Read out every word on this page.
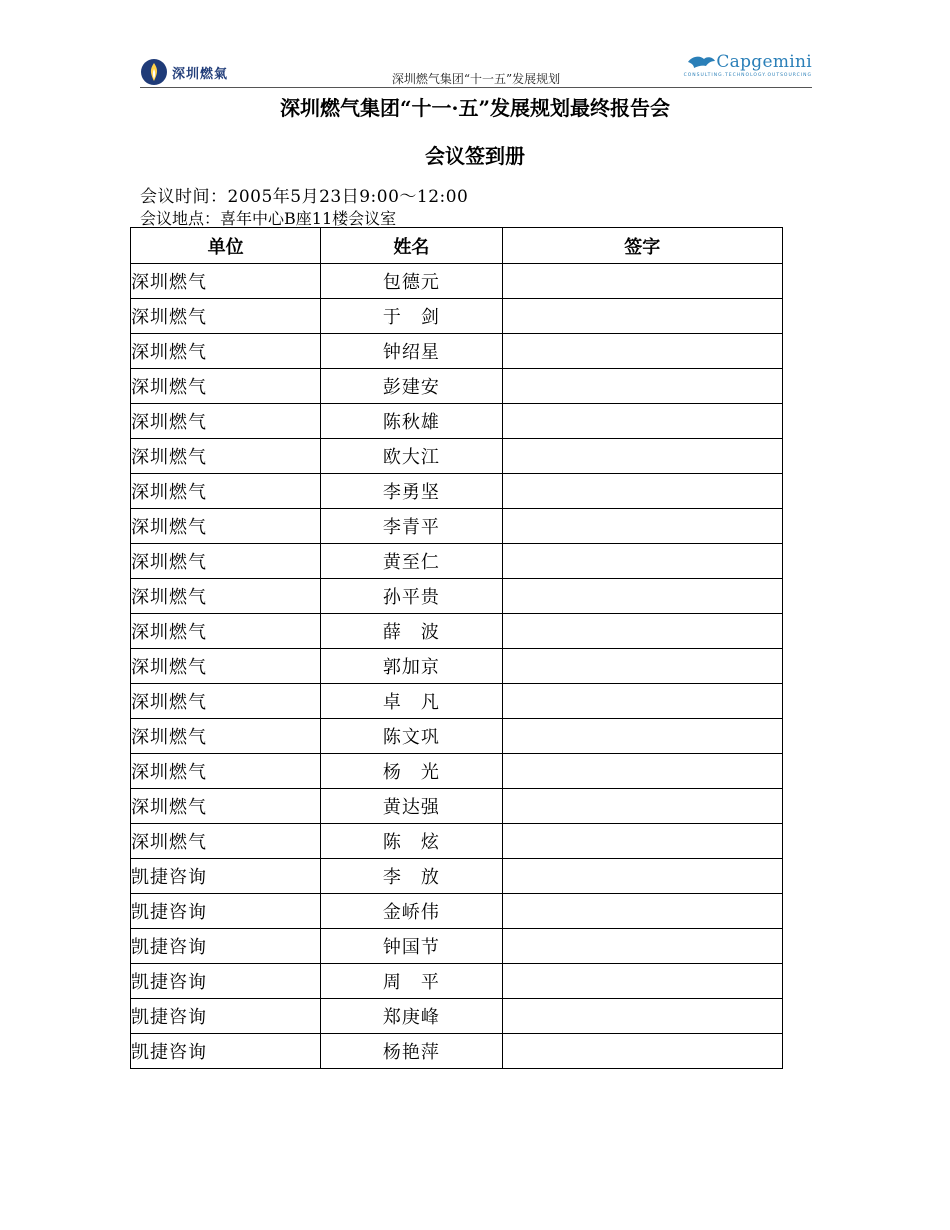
深圳燃氣	深圳燃气集团“十一五”发展规划
Capgemini
CONSULTING.TECHNOLOGY.OUTSOURCING
深圳燃气集团“十一·五”发展规划最终报告会
会议签到册
会议时间：2005年5月23日9:00～12:00
会议地点：喜年中心B座11楼会议室
单位	姓名	签字
深圳燃气	包德元	
深圳燃气	于　剑	
深圳燃气	钟绍星	
深圳燃气	彭建安	
深圳燃气	陈秋雄	
深圳燃气	欧大江	
深圳燃气	李勇坚	
深圳燃气	李青平	
深圳燃气	黄至仁	
深圳燃气	孙平贵	
深圳燃气	薛　波	
深圳燃气	郭加京	
深圳燃气	卓　凡	
深圳燃气	陈文巩	
深圳燃气	杨　光	
深圳燃气	黄达强	
深圳燃气	陈　炫	
凯捷咨询	李　放	
凯捷咨询	金峤伟	
凯捷咨询	钟国节	
凯捷咨询	周　平	
凯捷咨询	郑庚峰	
凯捷咨询	杨艳萍	
